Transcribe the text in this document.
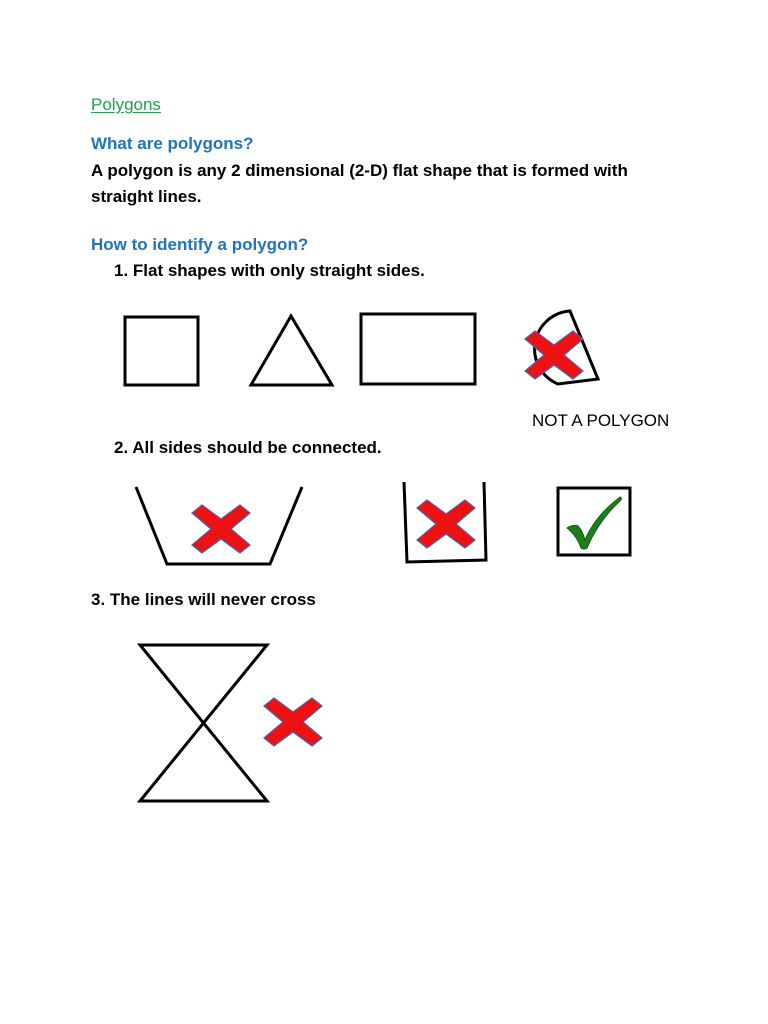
Polygons
What are polygons?
A polygon is any 2 dimensional (2-D) flat shape that is formed with straight lines.
How to identify a polygon?
1. Flat shapes with only straight sides.
NOT A POLYGON
2. All sides should be connected.
3. The lines will never cross
